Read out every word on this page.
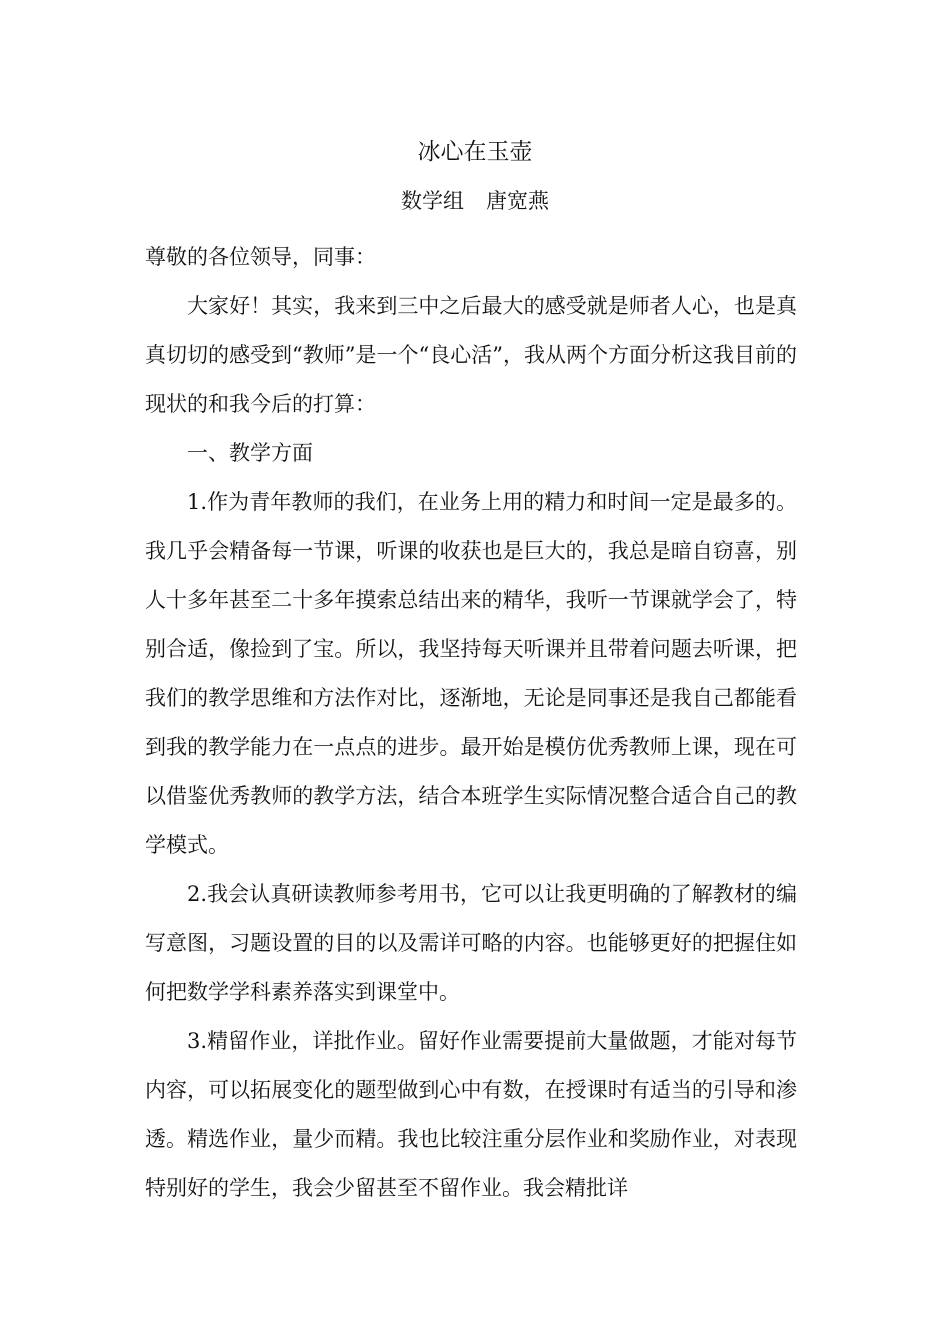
冰心在玉壶
数学组 唐宽燕

尊敬的各位领导，同事：

大家好！其实，我来到三中之后最大的感受就是师者人心，也是真真切切的感受到“教师”是一个“良心活”，我从两个方面分析这我目前的现状的和我今后的打算：

一、教学方面

1.作为青年教师的我们，在业务上用的精力和时间一定是最多的。我几乎会精备每一节课，听课的收获也是巨大的，我总是暗自窃喜，别人十多年甚至二十多年摸索总结出来的精华，我听一节课就学会了，特别合适，像捡到了宝。所以，我坚持每天听课并且带着问题去听课，把我们的教学思维和方法作对比，逐渐地，无论是同事还是我自己都能看到我的教学能力在一点点的进步。最开始是模仿优秀教师上课，现在可以借鉴优秀教师的教学方法，结合本班学生实际情况整合适合自己的教学模式。

2.我会认真研读教师参考用书，它可以让我更明确的了解教材的编写意图，习题设置的目的以及需详可略的内容。也能够更好的把握住如何把数学学科素养落实到课堂中。

3.精留作业，详批作业。留好作业需要提前大量做题，才能对每节内容，可以拓展变化的题型做到心中有数，在授课时有适当的引导和渗透。精选作业，量少而精。我也比较注重分层作业和奖励作业，对表现特别好的学生，我会少留甚至不留作业。我会精批详
